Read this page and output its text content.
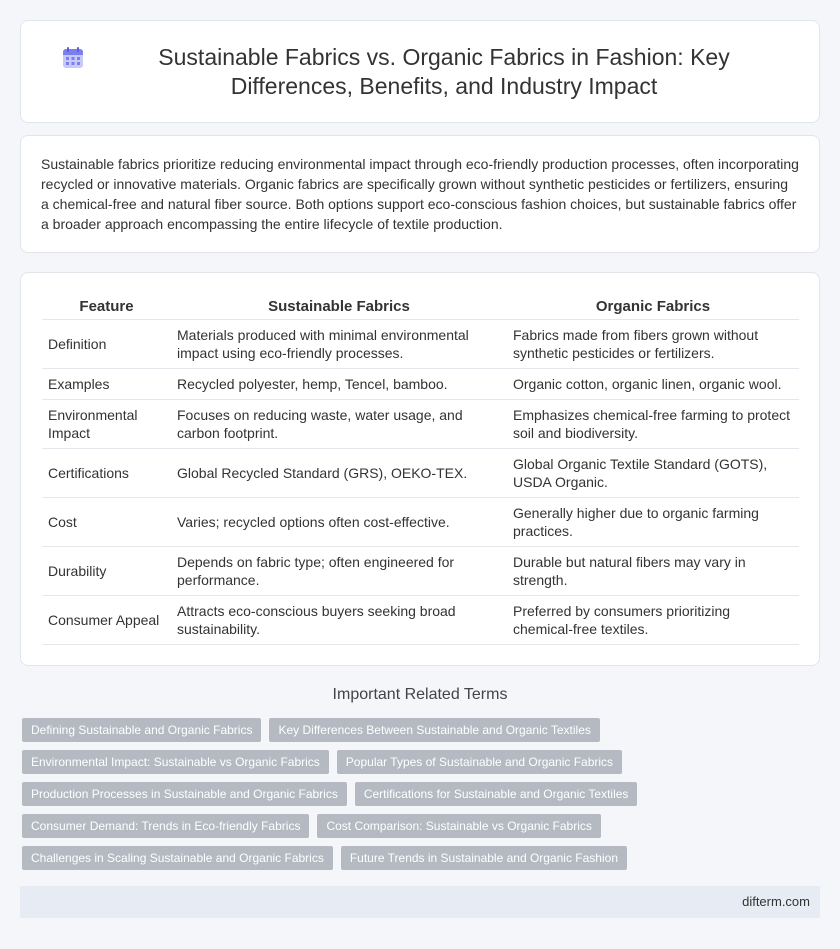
Sustainable Fabrics vs. Organic Fabrics in Fashion: Key Differences, Benefits, and Industry Impact

Sustainable fabrics prioritize reducing environmental impact through eco-friendly production processes, often incorporating recycled or innovative materials. Organic fabrics are specifically grown without synthetic pesticides or fertilizers, ensuring a chemical-free and natural fiber source. Both options support eco-conscious fashion choices, but sustainable fabrics offer a broader approach encompassing the entire lifecycle of textile production.

Feature	Sustainable Fabrics	Organic Fabrics
Definition	Materials produced with minimal environmental impact using eco-friendly processes.	Fabrics made from fibers grown without synthetic pesticides or fertilizers.
Examples	Recycled polyester, hemp, Tencel, bamboo.	Organic cotton, organic linen, organic wool.
Environmental Impact	Focuses on reducing waste, water usage, and carbon footprint.	Emphasizes chemical-free farming to protect soil and biodiversity.
Certifications	Global Recycled Standard (GRS), OEKO-TEX.	Global Organic Textile Standard (GOTS), USDA Organic.
Cost	Varies; recycled options often cost-effective.	Generally higher due to organic farming practices.
Durability	Depends on fabric type; often engineered for performance.	Durable but natural fibers may vary in strength.
Consumer Appeal	Attracts eco-conscious buyers seeking broad sustainability.	Preferred by consumers prioritizing chemical-free textiles.
Important Related Terms
Defining Sustainable and Organic Fabrics	Key Differences Between Sustainable and Organic Textiles
Environmental Impact: Sustainable vs Organic Fabrics	Popular Types of Sustainable and Organic Fabrics
Production Processes in Sustainable and Organic Fabrics	Certifications for Sustainable and Organic Textiles
Consumer Demand: Trends in Eco-friendly Fabrics	Cost Comparison: Sustainable vs Organic Fabrics
Challenges in Scaling Sustainable and Organic Fabrics	Future Trends in Sustainable and Organic Fashion
difterm.com
